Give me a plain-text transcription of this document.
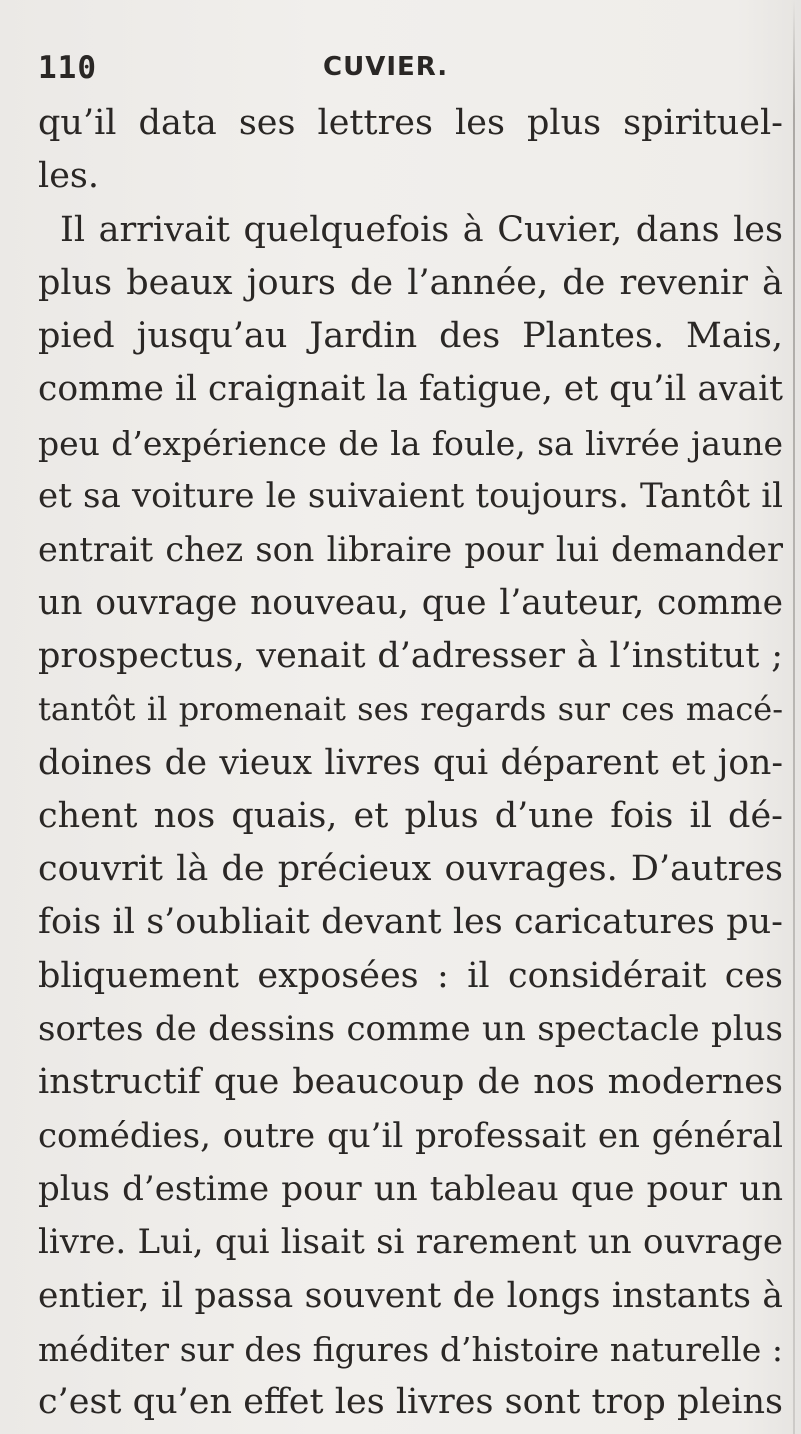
110	CUVIER.
qu’il data ses lettres les plus spirituel-
les.
Il arrivait quelquefois à Cuvier, dans les
plus beaux jours de l’année, de revenir à
pied jusqu’au Jardin des Plantes. Mais,
comme il craignait la fatigue, et qu’il avait
peu d’expérience de la foule, sa livrée jaune
et sa voiture le suivaient toujours. Tantôt il
entrait chez son libraire pour lui demander
un ouvrage nouveau, que l’auteur, comme
prospectus, venait d’adresser à l’institut ;
tantôt il promenait ses regards sur ces macé-
doines de vieux livres qui déparent et jon-
chent nos quais, et plus d’une fois il dé-
couvrit là de précieux ouvrages. D’autres
fois il s’oubliait devant les caricatures pu-
bliquement exposées : il considérait ces
sortes de dessins comme un spectacle plus
instructif que beaucoup de nos modernes
comédies, outre qu’il professait en général
plus d’estime pour un tableau que pour un
livre. Lui, qui lisait si rarement un ouvrage
entier, il passa souvent de longs instants à
méditer sur des figures d’histoire naturelle :
c’est qu’en effet les livres sont trop pleins
